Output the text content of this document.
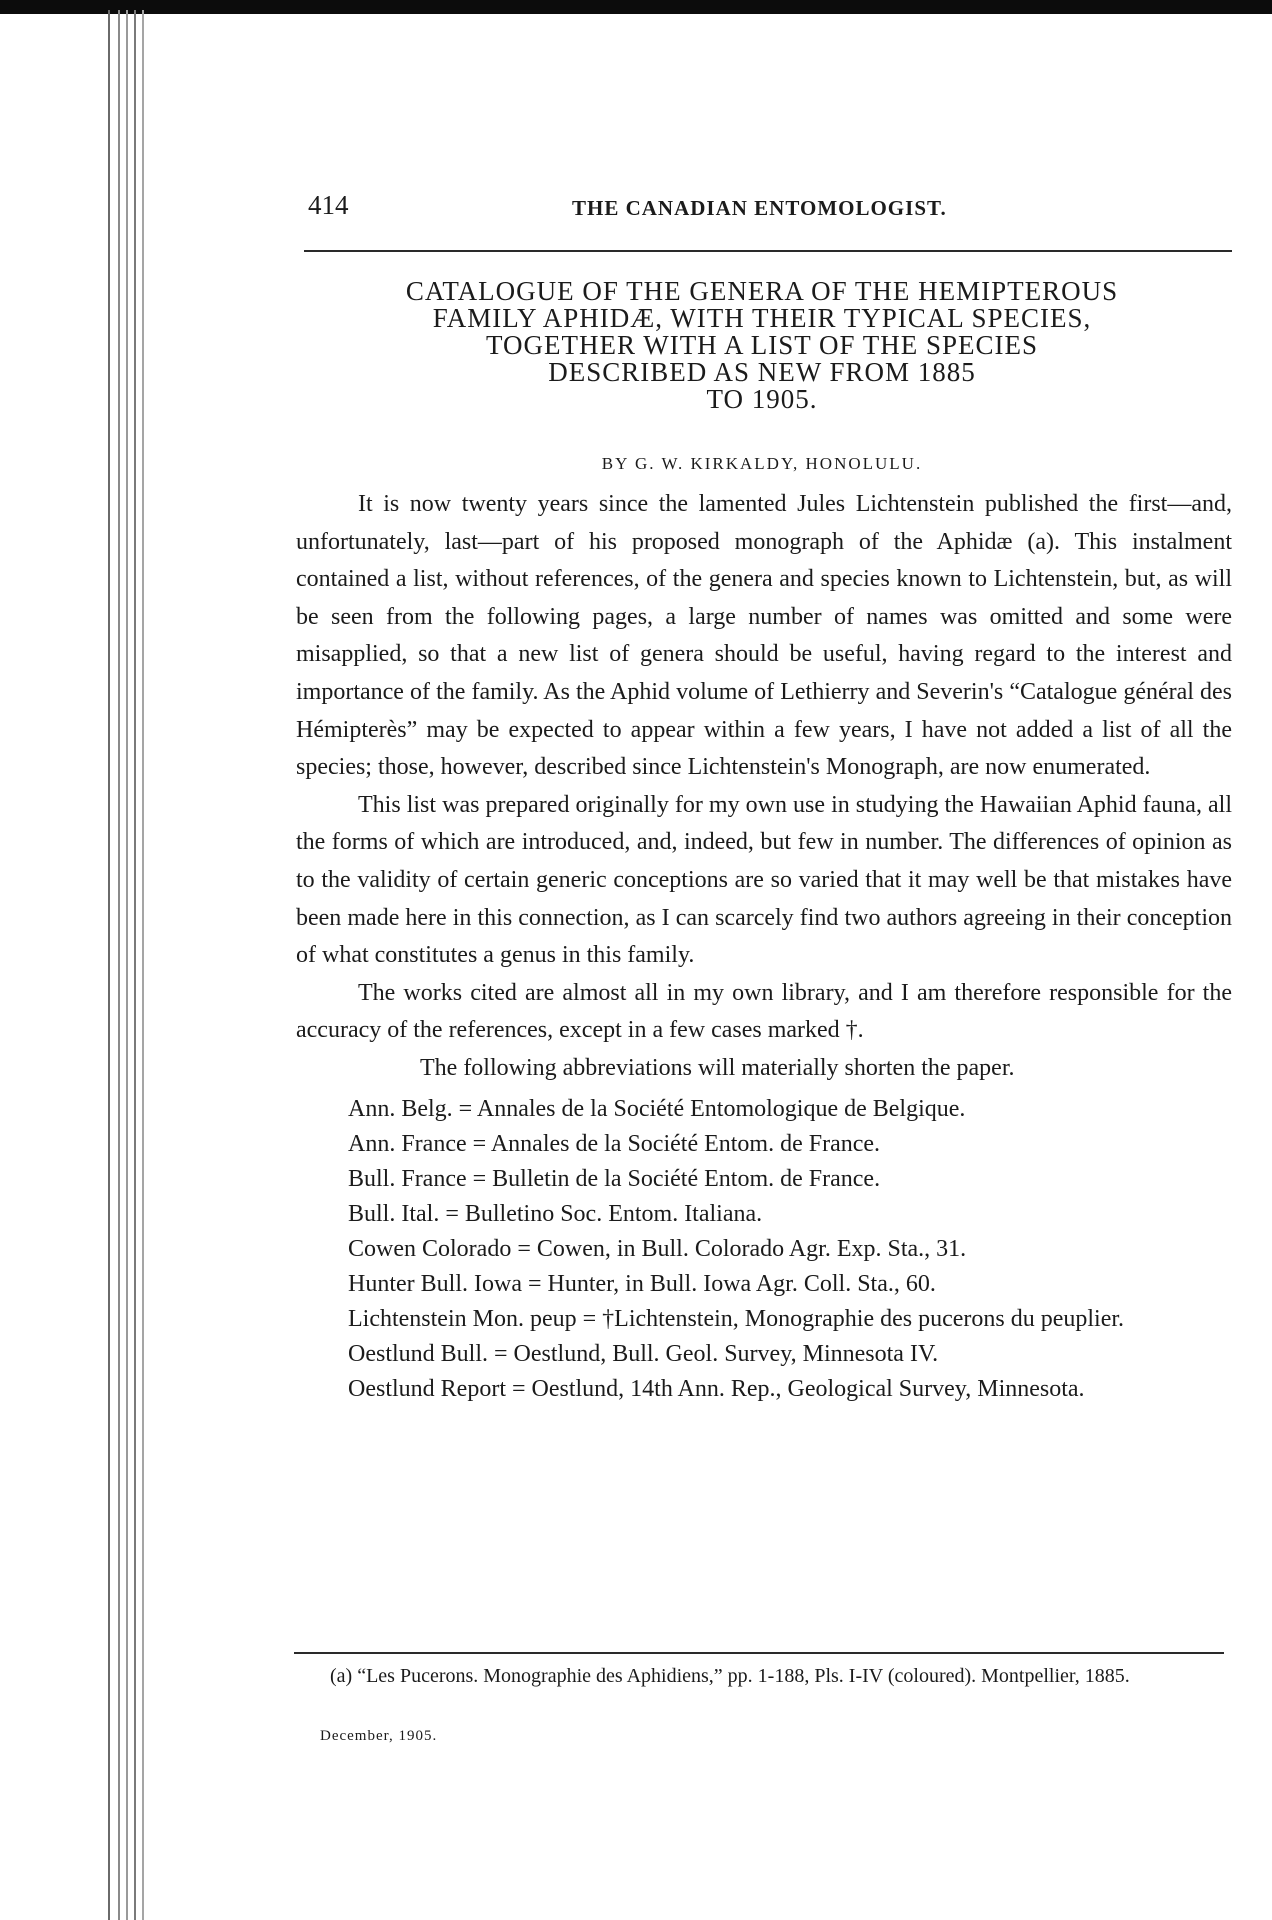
414	THE CANADIAN ENTOMOLOGIST.
CATALOGUE OF THE GENERA OF THE HEMIPTEROUS
FAMILY APHIDÆ, WITH THEIR TYPICAL SPECIES,
TOGETHER WITH A LIST OF THE SPECIES
DESCRIBED AS NEW FROM 1885
TO 1905.
BY G. W. KIRKALDY, HONOLULU.

It is now twenty years since the lamented Jules Lichtenstein published the first—and, unfortunately, last—part of his proposed monograph of the Aphidæ (a). This instalment contained a list, without references, of the genera and species known to Lichtenstein, but, as will be seen from the following pages, a large number of names was omitted and some were misapplied, so that a new list of genera should be useful, having regard to the interest and importance of the family. As the Aphid volume of Lethierry and Severin's “Catalogue général des Hémipterès” may be expected to appear within a few years, I have not added a list of all the species; those, however, described since Lichtenstein's Monograph, are now enumerated.

This list was prepared originally for my own use in studying the Hawaiian Aphid fauna, all the forms of which are introduced, and, indeed, but few in number. The differences of opinion as to the validity of certain generic conceptions are so varied that it may well be that mistakes have been made here in this connection, as I can scarcely find two authors agreeing in their conception of what constitutes a genus in this family.

The works cited are almost all in my own library, and I am therefore responsible for the accuracy of the references, except in a few cases marked †.

The following abbreviations will materially shorten the paper.

Ann. Belg. = Annales de la Société Entomologique de Belgique.
Ann. France = Annales de la Société Entom. de France.
Bull. France = Bulletin de la Société Entom. de France.
Bull. Ital. = Bulletino Soc. Entom. Italiana.
Cowen Colorado = Cowen, in Bull. Colorado Agr. Exp. Sta., 31.
Hunter Bull. Iowa = Hunter, in Bull. Iowa Agr. Coll. Sta., 60.
Lichtenstein Mon. peup = †Lichtenstein, Monographie des pucerons du peuplier.
Oestlund Bull. = Oestlund, Bull. Geol. Survey, Minnesota IV.
Oestlund Report = Oestlund, 14th Ann. Rep., Geological Survey, Minnesota.

(a) “Les Pucerons. Monographie des Aphidiens,” pp. 1-188, Pls. I-IV (coloured). Montpellier, 1885.

December, 1905.
